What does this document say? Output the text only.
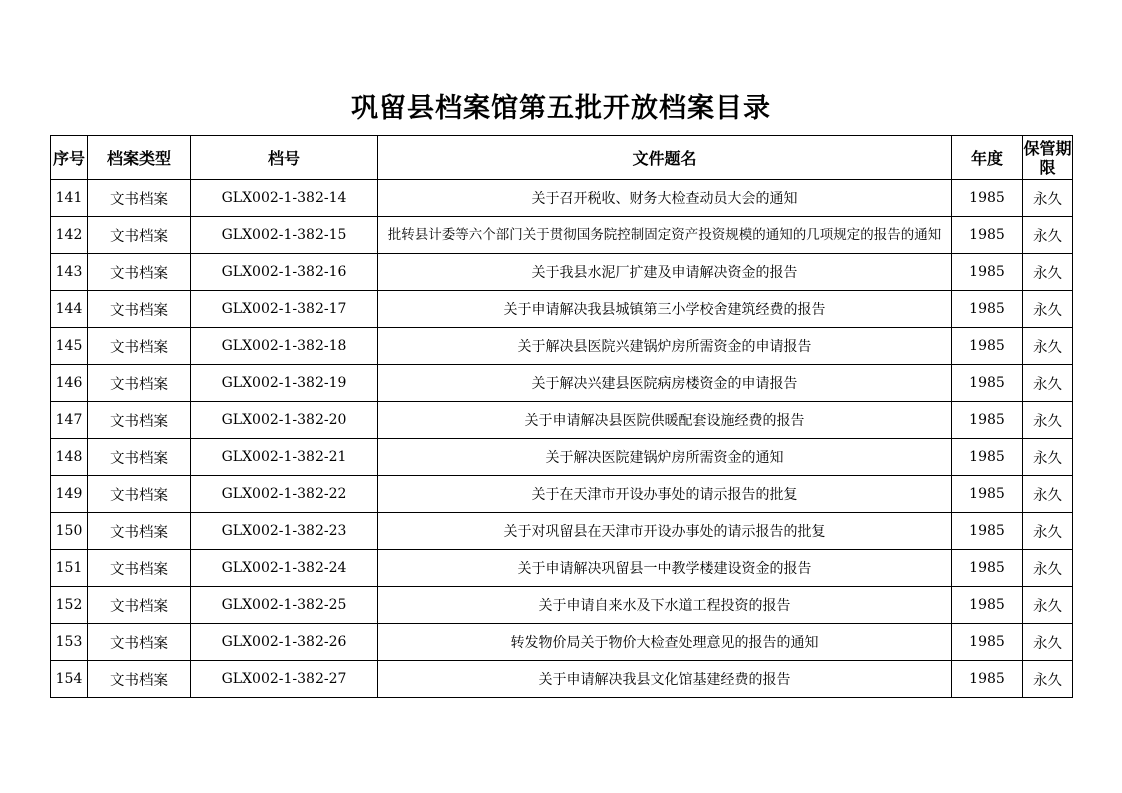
巩留县档案馆第五批开放档案目录
序号	档案类型	档号	文件题名	年度	保管期限
141	文书档案	GLX002-1-382-14	关于召开税收、财务大检查动员大会的通知	1985	永久
142	文书档案	GLX002-1-382-15	批转县计委等六个部门关于贯彻国务院控制固定资产投资规模的通知的几项规定的报告的通知	1985	永久
143	文书档案	GLX002-1-382-16	关于我县水泥厂扩建及申请解决资金的报告	1985	永久
144	文书档案	GLX002-1-382-17	关于申请解决我县城镇第三小学校舍建筑经费的报告	1985	永久
145	文书档案	GLX002-1-382-18	关于解决县医院兴建锅炉房所需资金的申请报告	1985	永久
146	文书档案	GLX002-1-382-19	关于解决兴建县医院病房楼资金的申请报告	1985	永久
147	文书档案	GLX002-1-382-20	关于申请解决县医院供暖配套设施经费的报告	1985	永久
148	文书档案	GLX002-1-382-21	关于解决医院建锅炉房所需资金的通知	1985	永久
149	文书档案	GLX002-1-382-22	关于在天津市开设办事处的请示报告的批复	1985	永久
150	文书档案	GLX002-1-382-23	关于对巩留县在天津市开设办事处的请示报告的批复	1985	永久
151	文书档案	GLX002-1-382-24	关于申请解决巩留县一中教学楼建设资金的报告	1985	永久
152	文书档案	GLX002-1-382-25	关于申请自来水及下水道工程投资的报告	1985	永久
153	文书档案	GLX002-1-382-26	转发物价局关于物价大检查处理意见的报告的通知	1985	永久
154	文书档案	GLX002-1-382-27	关于申请解决我县文化馆基建经费的报告	1985	永久
